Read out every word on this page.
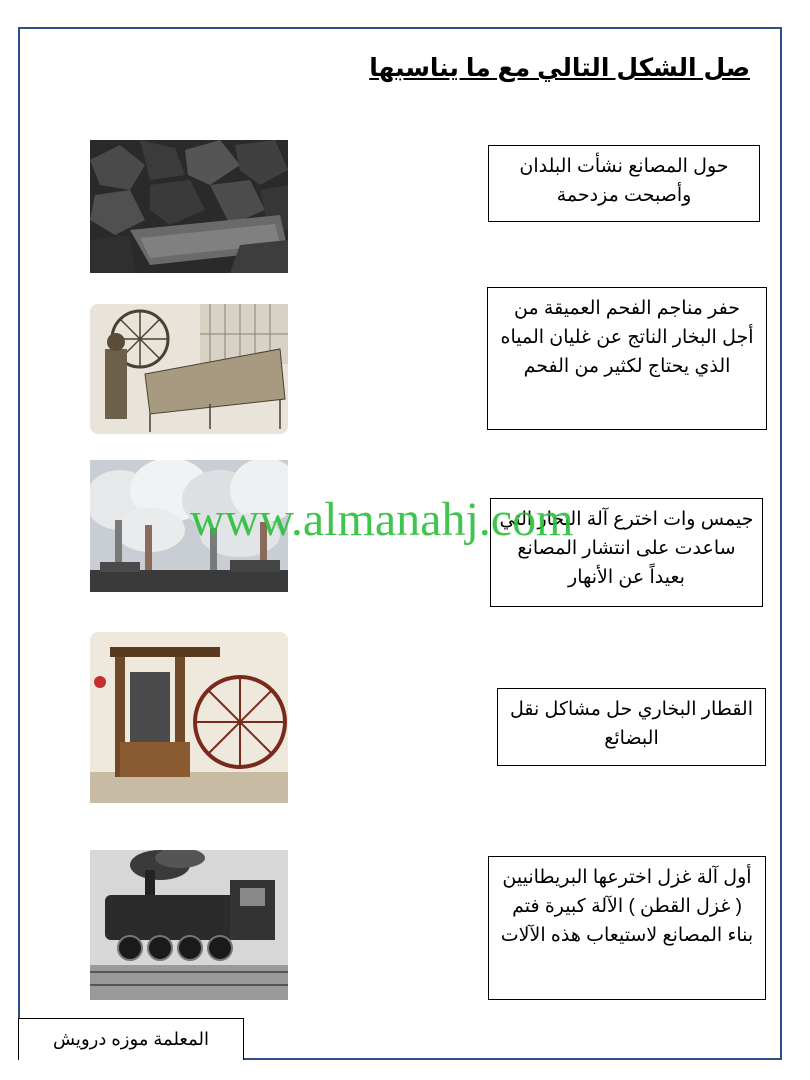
صل الشكل التالي مع ما يناسبها
حول المصانع نشأت البلدان وأصبحت مزدحمة
حفر مناجم الفحم العميقة من أجل البخار الناتج عن غليان المياه الذي يحتاج لكثير من الفحم
جيمس وات اخترع آلة البخار التي ساعدت على انتشار المصانع بعيداً عن الأنهار
القطار البخاري حل مشاكل نقل البضائع
أول آلة غزل اخترعها البريطانيين ( غزل القطن ) الآلة كبيرة فتم بناء المصانع لاستيعاب هذه الآلات
www.almanahj.com
المعلمة موزه درويش
